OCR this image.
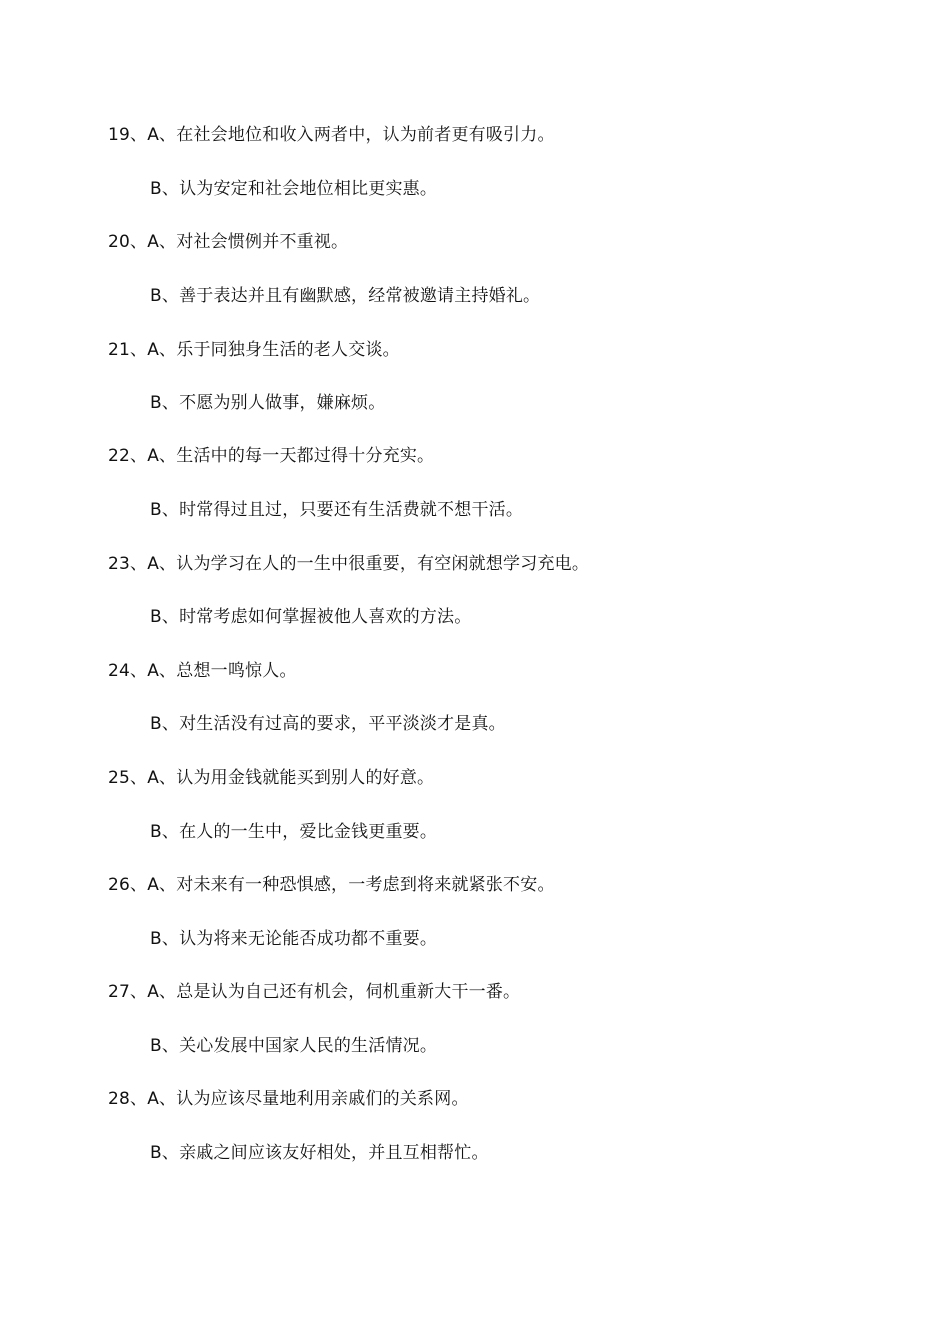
19、A、在社会地位和收入两者中，认为前者更有吸引力。
B、认为安定和社会地位相比更实惠。
20、A、对社会惯例并不重视。
B、善于表达并且有幽默感，经常被邀请主持婚礼。
21、A、乐于同独身生活的老人交谈。
B、不愿为别人做事，嫌麻烦。
22、A、生活中的每一天都过得十分充实。
B、时常得过且过，只要还有生活费就不想干活。
23、A、认为学习在人的一生中很重要，有空闲就想学习充电。
B、时常考虑如何掌握被他人喜欢的方法。
24、A、总想一鸣惊人。
B、对生活没有过高的要求，平平淡淡才是真。
25、A、认为用金钱就能买到别人的好意。
B、在人的一生中，爱比金钱更重要。
26、A、对未来有一种恐惧感，一考虑到将来就紧张不安。
B、认为将来无论能否成功都不重要。
27、A、总是认为自己还有机会，伺机重新大干一番。
B、关心发展中国家人民的生活情况。
28、A、认为应该尽量地利用亲戚们的关系网。
B、亲戚之间应该友好相处，并且互相帮忙。
